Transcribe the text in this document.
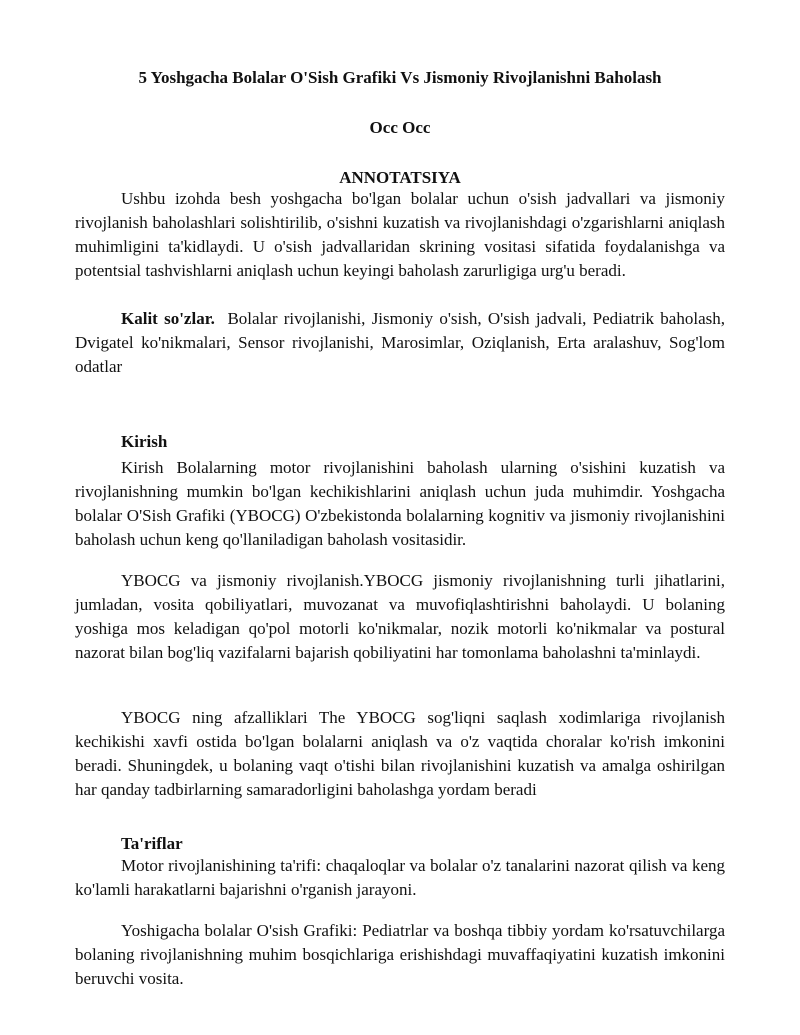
5 Yoshgacha Bolalar O'Sish Grafiki Vs Jismoniy Rivojlanishni Baholash

Occ Occ

ANNOTATSIYA

Ushbu izohda besh yoshgacha bo'lgan bolalar uchun o'sish jadvallari va jismoniy rivojlanish baholashlari solishtirilib, o'sishni kuzatish va rivojlanishdagi o'zgarishlarni aniqlash muhimligini ta'kidlaydi. U o'sish jadvallaridan skrining vositasi sifatida foydalanishga va potentsial tashvishlarni aniqlash uchun keyingi baholash zarurligiga urg'u beradi.

Kalit so'zlar. Bolalar rivojlanishi, Jismoniy o'sish, O'sish jadvali, Pediatrik baholash, Dvigatel ko'nikmalari, Sensor rivojlanishi, Marosimlar, Oziqlanish, Erta aralashuv, Sog'lom odatlar

Kirish

Kirish Bolalarning motor rivojlanishini baholash ularning o'sishini kuzatish va rivojlanishning mumkin bo'lgan kechikishlarini aniqlash uchun juda muhimdir. Yoshgacha bolalar O'Sish Grafiki (YBOCG) O'zbekistonda bolalarning kognitiv va jismoniy rivojlanishini baholash uchun keng qo'llaniladigan baholash vositasidir.

YBOCG va jismoniy rivojlanish.YBOCG jismoniy rivojlanishning turli jihatlarini, jumladan, vosita qobiliyatlari, muvozanat va muvofiqlashtirishni baholaydi. U bolaning yoshiga mos keladigan qo'pol motorli ko'nikmalar, nozik motorli ko'nikmalar va postural nazorat bilan bog'liq vazifalarni bajarish qobiliyatini har tomonlama baholashni ta'minlaydi.

YBOCG ning afzalliklari The YBOCG sog'liqni saqlash xodimlariga rivojlanish kechikishi xavfi ostida bo'lgan bolalarni aniqlash va o'z vaqtida choralar ko'rish imkonini beradi. Shuningdek, u bolaning vaqt o'tishi bilan rivojlanishini kuzatish va amalga oshirilgan har qanday tadbirlarning samaradorligini baholashga yordam beradi

Ta'riflar

Motor rivojlanishining ta'rifi: chaqaloqlar va bolalar o'z tanalarini nazorat qilish va keng ko'lamli harakatlarni bajarishni o'rganish jarayoni.

Yoshigacha bolalar O'sish Grafiki: Pediatrlar va boshqa tibbiy yordam ko'rsatuvchilarga bolaning rivojlanishning muhim bosqichlariga erishishdagi muvaffaqiyatini kuzatish imkonini beruvchi vosita.
